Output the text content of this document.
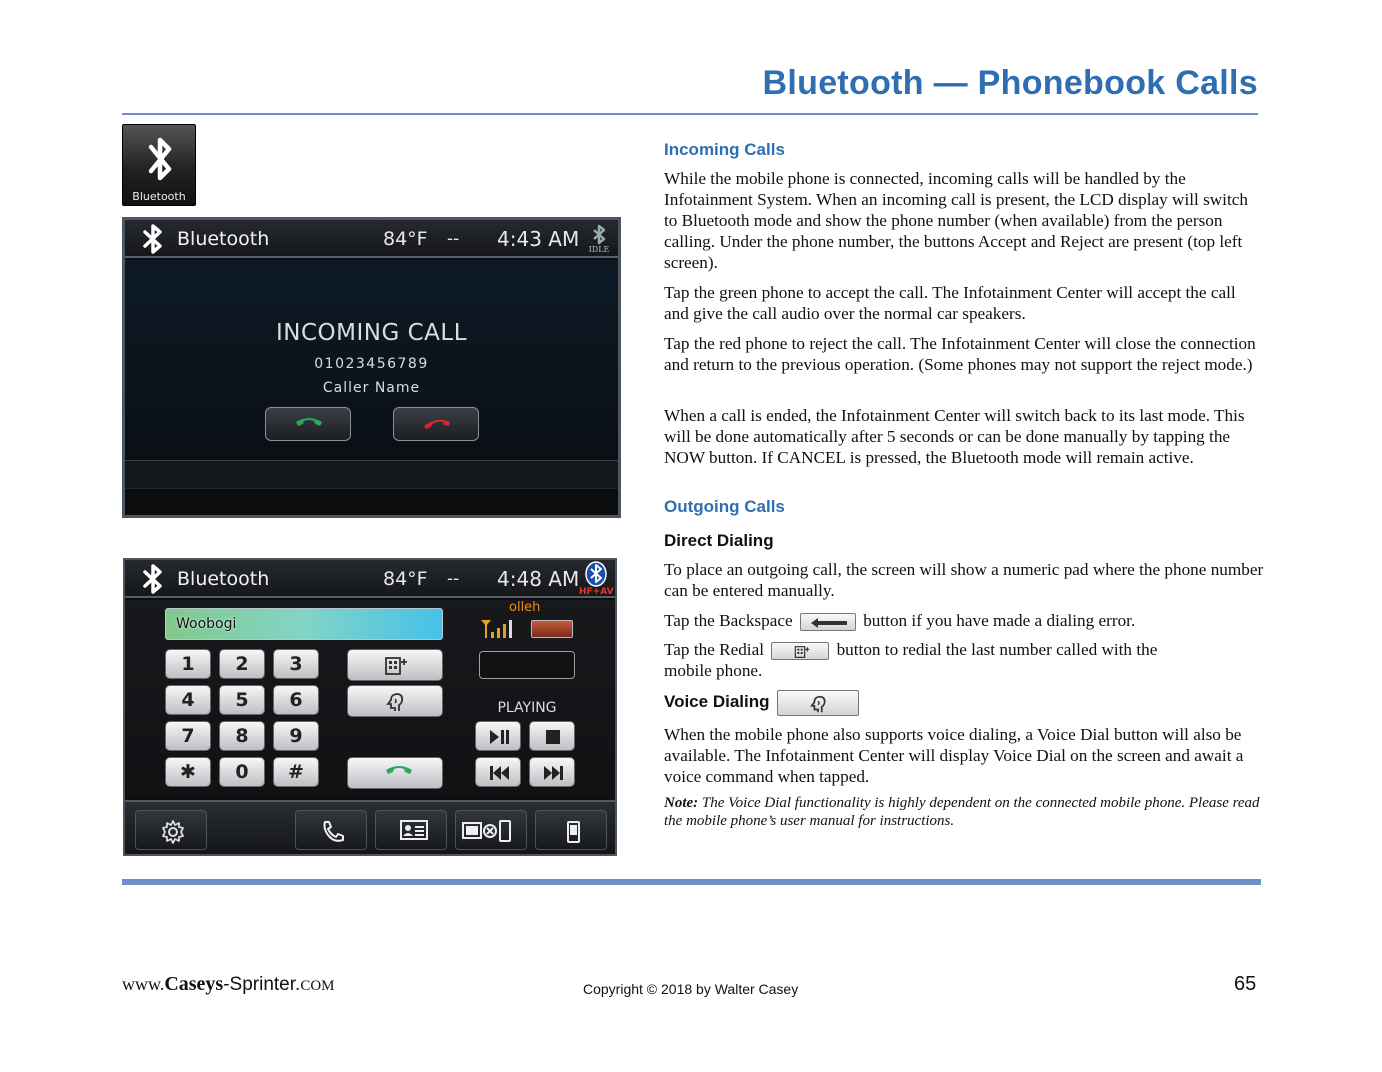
Bluetooth — Phonebook Calls
Bluetooth
Bluetooth	84°F -- 4:43 AM	IDLE
INCOMING CALL
01023456789
Caller Name
Bluetooth	84°F -- 4:48 AM
HF+AV
Woobogi
olleh
1	2	3
4	5	6
7	8	9
✱	0	#
PLAYING
Incoming Calls
While the mobile phone is connected, incoming calls will be handled by the Infotainment System. When an incoming call is present, the LCD display will switch to Bluetooth mode and show the phone number (when available) from the person calling. Under the phone number, the buttons Accept and Reject are present (top left screen).
Tap the green phone to accept the call. The Infotainment Center will accept the call and give the call audio over the normal car speakers.
Tap the red phone to reject the call. The Infotainment Center will close the connection and return to the previous operation. (Some phones may not support the reject mode.)
When a call is ended, the Infotainment Center will switch back to its last mode. This will be done automatically after 5 seconds or can be done manually by tapping the NOW button. If CANCEL is pressed, the Bluetooth mode will remain active.
Outgoing Calls
Direct Dialing
To place an outgoing call, the screen will show a numeric pad where the phone number can be entered manually.
Tap the Backspace	button if you have made a dialing error.
Tap the Redial	button to redial the last number called with the
mobile phone.
Voice Dialing
When the mobile phone also supports voice dialing, a Voice Dial button will also be available. The Infotainment Center will display Voice Dial on the screen and await a voice command when tapped.
Note: The Voice Dial functionality is highly dependent on the connected mobile phone. Please read the mobile phone’s user manual for instructions.
www.Caseys-Sprinter.COM	Copyright © 2018 by Walter Casey	65
